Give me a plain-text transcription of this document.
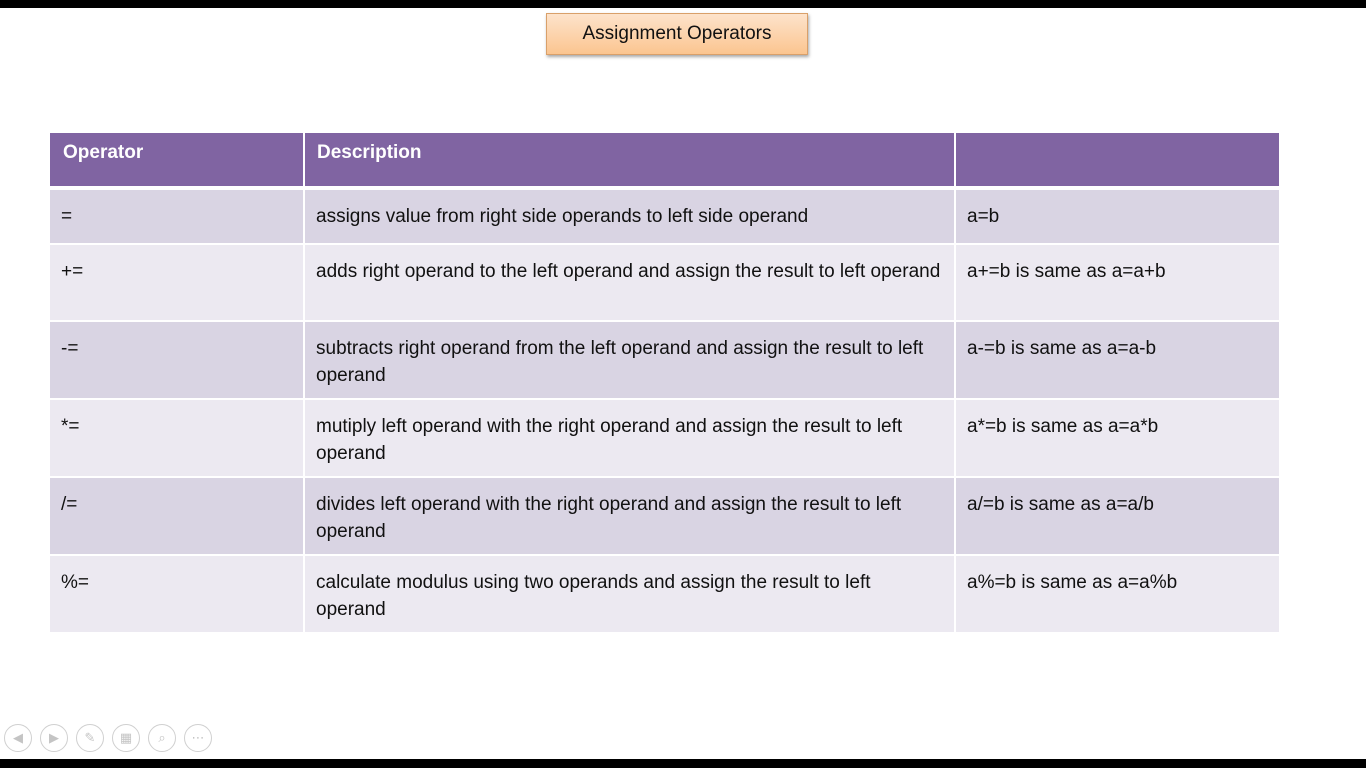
Assignment Operators
Operator	Description	
=	assigns value from right side operands to left side operand	a=b
+=	adds right operand to the left operand and assign the result to left operand	a+=b is same as a=a+b
-=	subtracts right operand from the left operand and assign the result to left operand	a-=b is same as a=a-b
*=	mutiply left operand with the right operand and assign the result to left operand	a*=b is same as a=a*b
/=	divides left operand with the right operand and assign the result to left operand	a/=b is same as a=a/b
%=	calculate modulus using two operands and assign the result to left operand	a%=b is same as a=a%b
◀ ▶ ✎ ▦ ⌕ ⋯
